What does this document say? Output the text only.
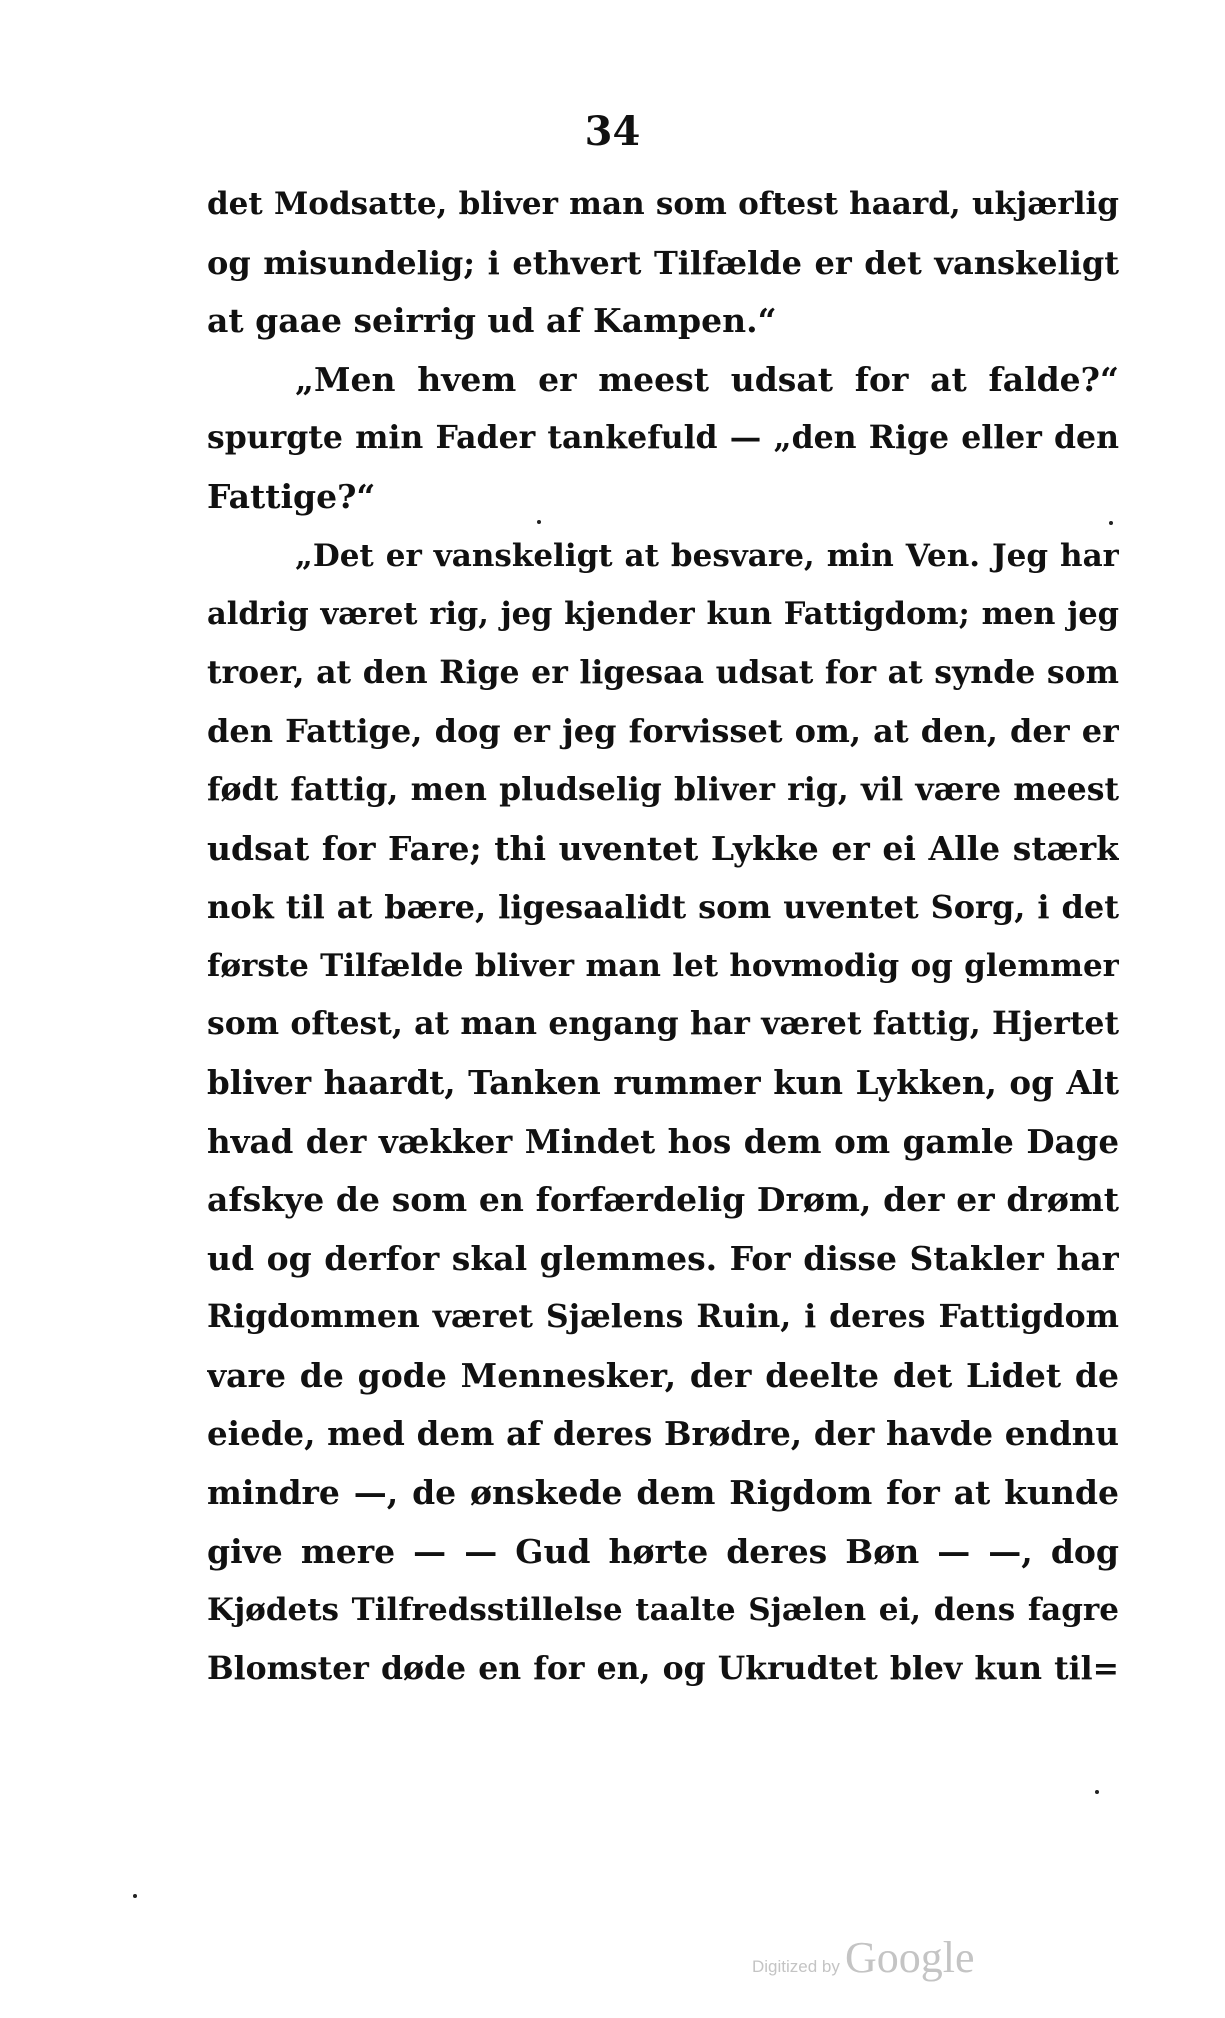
34
det Modsatte, bliver man som oftest haard, ukjærlig
og misundelig; i ethvert Tilfælde er det vanskeligt
at gaae seirrig ud af Kampen.“
„Men hvem er meest udsat for at falde?“
spurgte min Fader tankefuld — „den Rige eller den
Fattige?“
„Det er vanskeligt at besvare, min Ven. Jeg har
aldrig været rig, jeg kjender kun Fattigdom; men jeg
troer, at den Rige er ligesaa udsat for at synde som
den Fattige, dog er jeg forvisset om, at den, der er
født fattig, men pludselig bliver rig, vil være meest
udsat for Fare; thi uventet Lykke er ei Alle stærk
nok til at bære, ligesaalidt som uventet Sorg, i det
første Tilfælde bliver man let hovmodig og glemmer
som oftest, at man engang har været fattig, Hjertet
bliver haardt, Tanken rummer kun Lykken, og Alt
hvad der vækker Mindet hos dem om gamle Dage
afskye de som en forfærdelig Drøm, der er drømt
ud og derfor skal glemmes. For disse Stakler har
Rigdommen været Sjælens Ruin, i deres Fattigdom
vare de gode Mennesker, der deelte det Lidet de
eiede, med dem af deres Brødre, der havde endnu
mindre —, de ønskede dem Rigdom for at kunde
give mere — — Gud hørte deres Bøn — —, dog
Kjødets Tilfredsstillelse taalte Sjælen ei, dens fagre
Blomster døde en for en, og Ukrudtet blev kun til=
Digitized by Google
